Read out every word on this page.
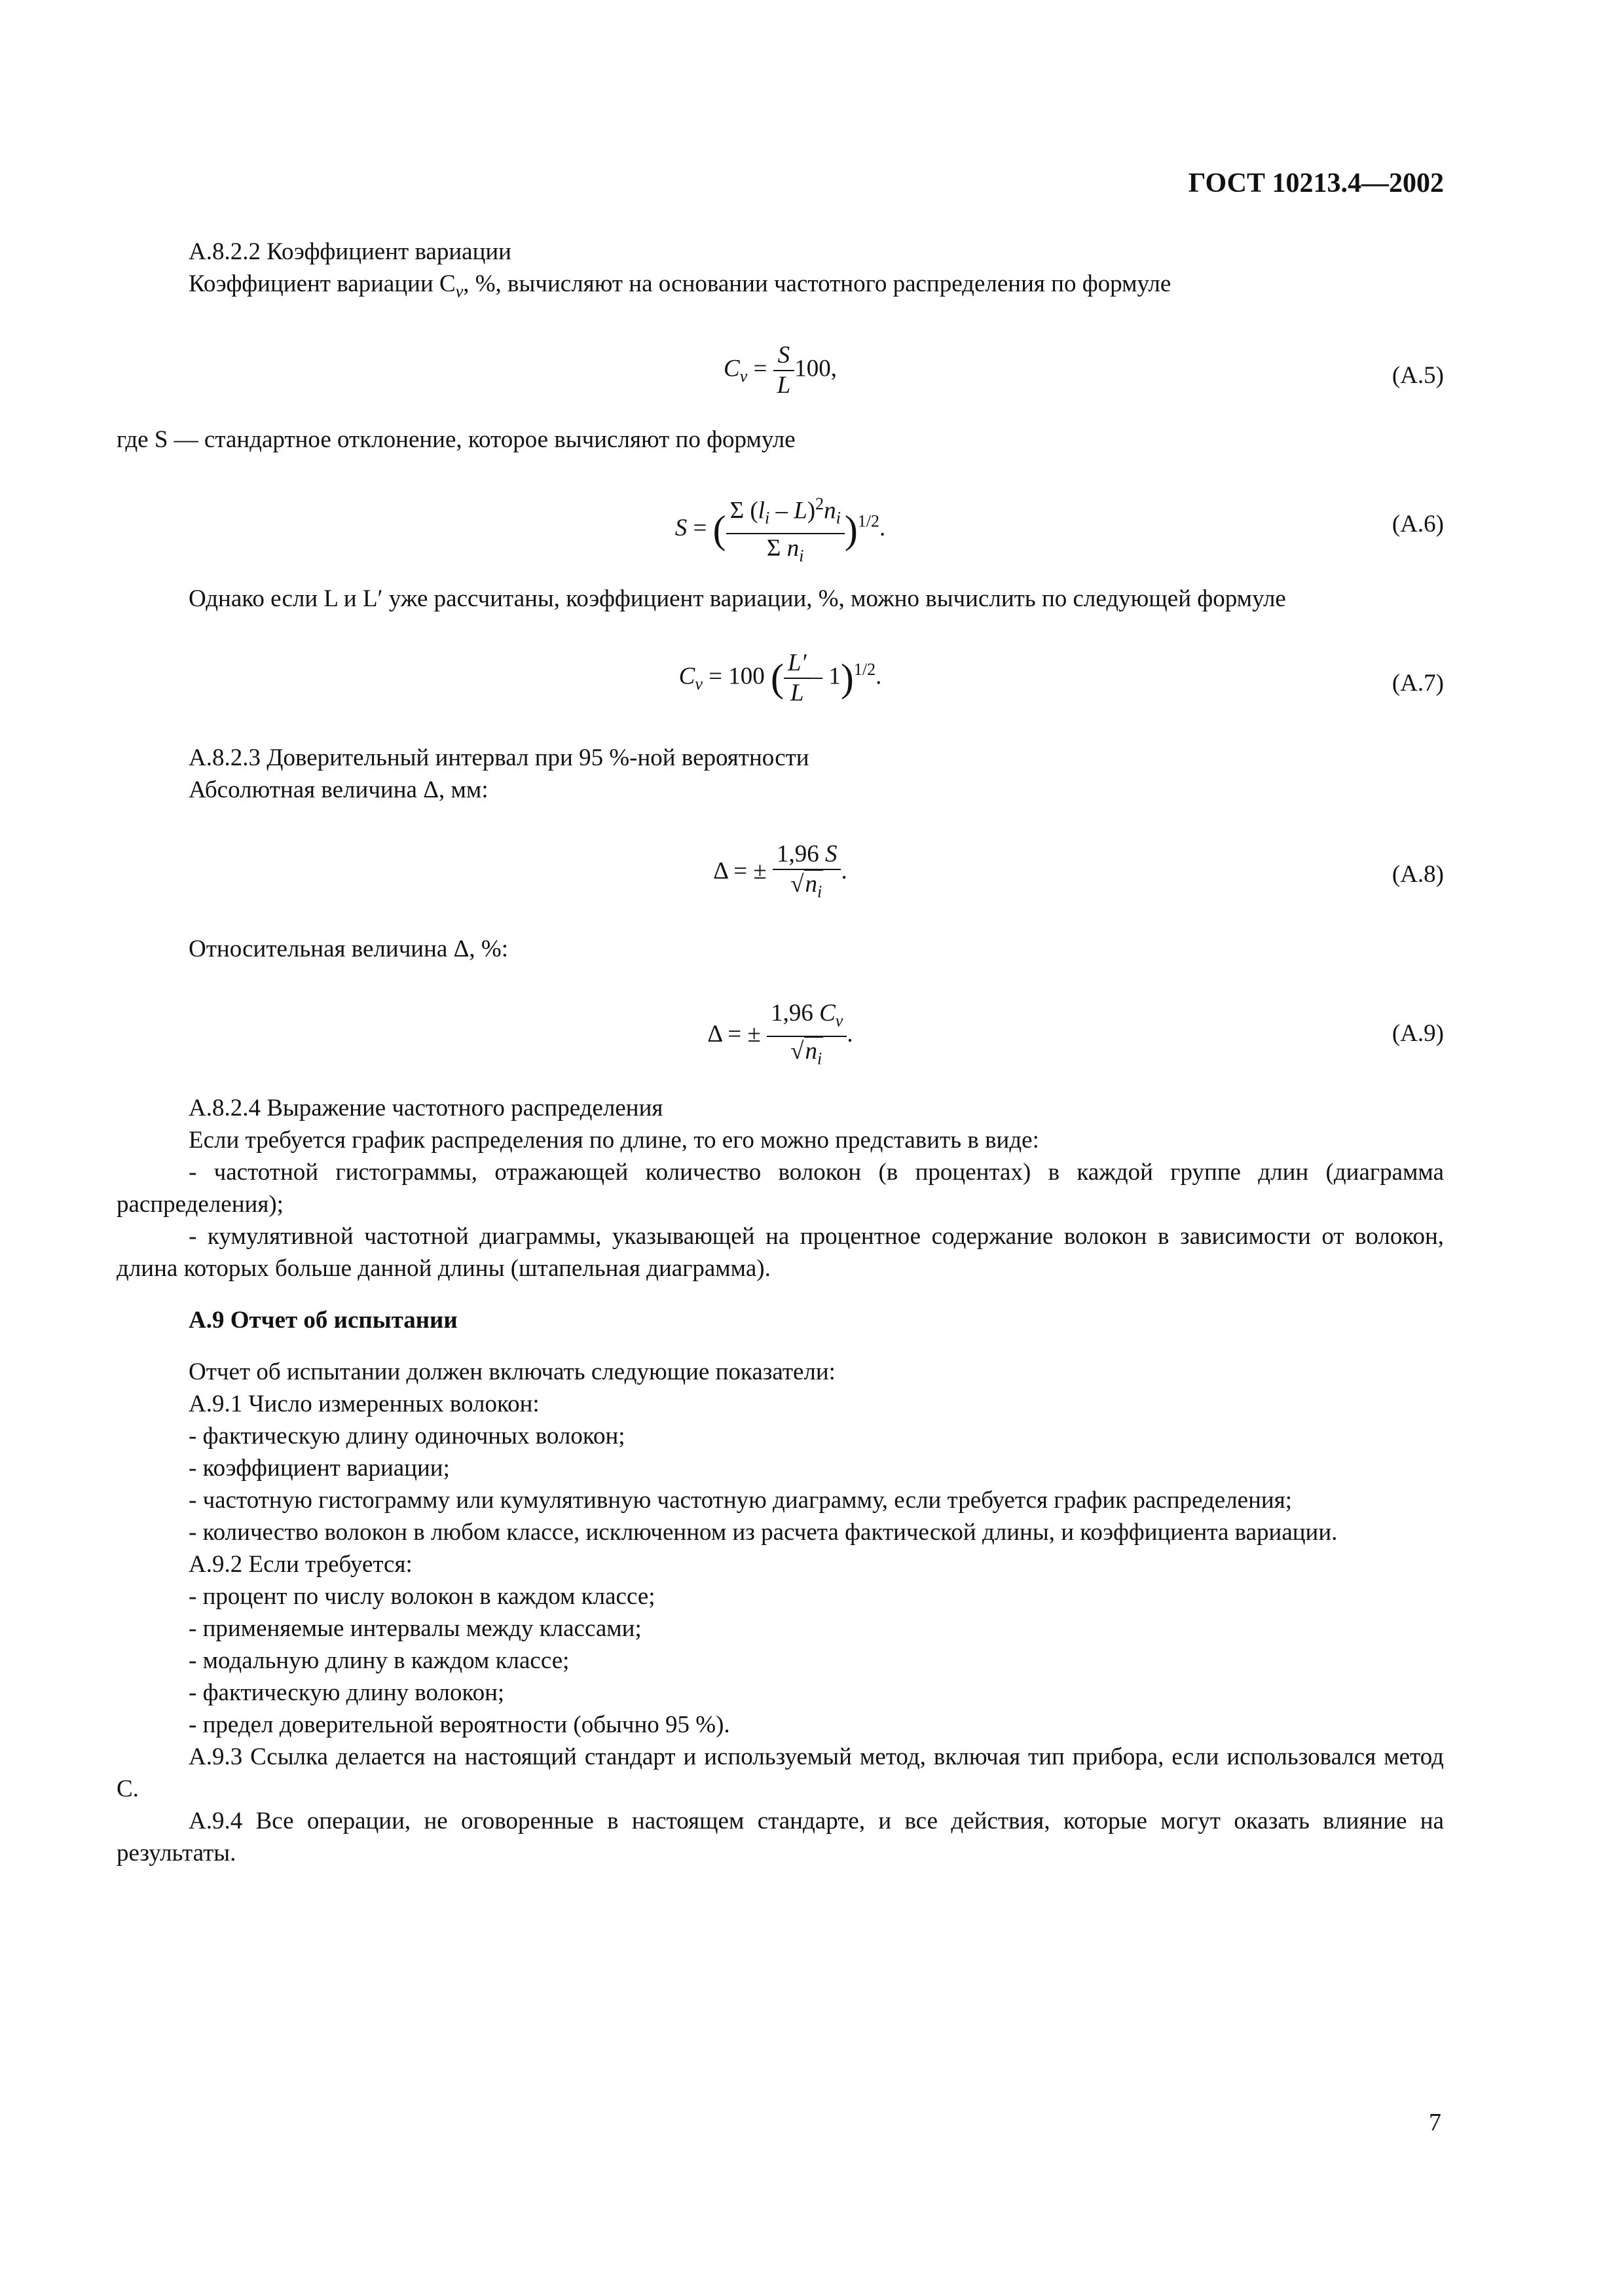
ГОСТ 10213.4—2002

А.8.2.2 Коэффициент вариации

Коэффициент вариации $C_v$, %, вычисляют на основании частотного распределения по формуле

$C_v = \frac{S}{L} 100$,	(А.5)

где S — стандартное отклонение, которое вычисляют по формуле

S = ( $\frac{\Sigma (l_i - L)^2n_i}{\Sigma n_i} )^{1/2}$.	(А.6)

Однако если L и L′ уже рассчитаны, коэффициент вариации, %, можно вычислить по следующей формуле

$C_v = 100$ ( $\frac{L'}{L} - 1)^{1/2}$.	(А.7)

А.8.2.3 Доверительный интервал при 95 %-ной вероятности

Абсолютная величина Δ, мм:

Δ = ± $\frac{1,96 S}{√n_i}$ .	(А.8)

Относительная величина Δ, %:

Δ = ± $\frac{1,96 C_v}{√n_i}$ .	(А.9)

А.8.2.4 Выражение частотного распределения

Если требуется график распределения по длине, то его можно представить в виде:

- частотной гистограммы, отражающей количество волокон (в процентах) в каждой группе длин (диаграмма распределения);

- кумулятивной частотной диаграммы, указывающей на процентное содержание волокон в зависимости от волокон, длина которых больше данной длины (штапельная диаграмма).

А.9 Отчет об испытании

Отчет об испытании должен включать следующие показатели:

А.9.1 Число измеренных волокон:

- фактическую длину одиночных волокон;

- коэффициент вариации;

- частотную гистограмму или кумулятивную частотную диаграмму, если требуется график распределения;

- количество волокон в любом классе, исключенном из расчета фактической длины, и коэффициента вариации.

А.9.2 Если требуется:

- процент по числу волокон в каждом классе;

- применяемые интервалы между классами;

- модальную длину в каждом классе;

- фактическую длину волокон;

- предел доверительной вероятности (обычно 95 %).

А.9.3 Ссылка делается на настоящий стандарт и используемый метод, включая тип прибора, если использовался метод С.

А.9.4 Все операции, не оговоренные в настоящем стандарте, и все действия, которые могут оказать влияние на результаты.

7
